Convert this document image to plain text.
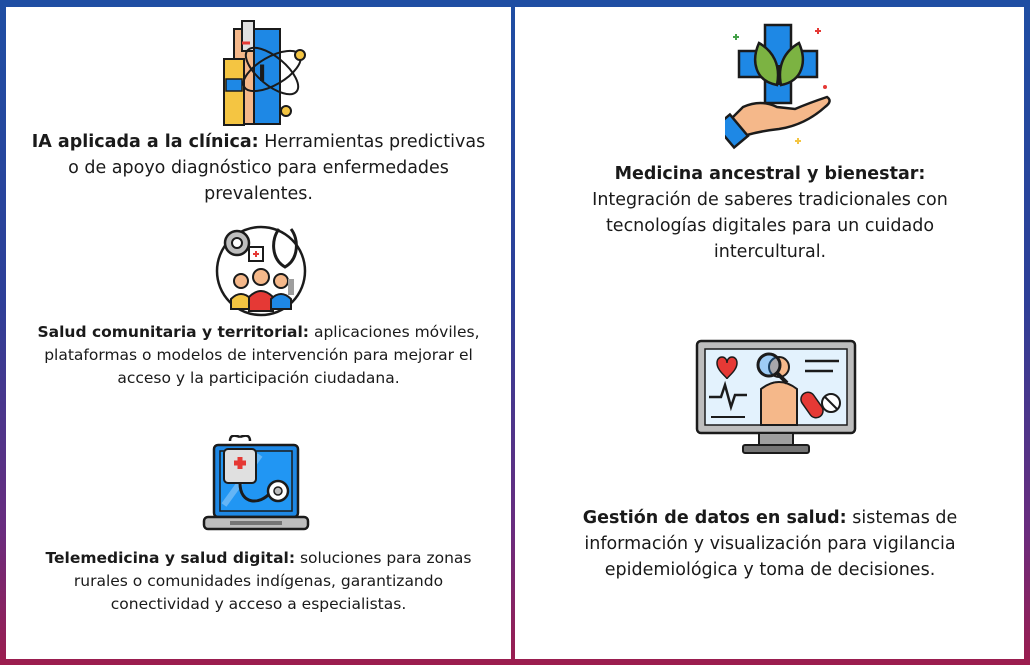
I
IA aplicada a la clínica: Herramientas predictivas o de apoyo diagnóstico para enfermedades prevalentes.
Salud comunitaria y territorial: aplicaciones móviles, plataformas o modelos de intervención para mejorar el acceso y la participación ciudadana.
Telemedicina y salud digital: soluciones para zonas rurales o comunidades indígenas, garantizando conectividad y acceso a especialistas.
Medicina ancestral y bienestar:
Integración de saberes tradicionales con tecnologías digitales para un cuidado intercultural.
Gestión de datos en salud: sistemas de información y visualización para vigilancia epidemiológica y toma de decisiones.
